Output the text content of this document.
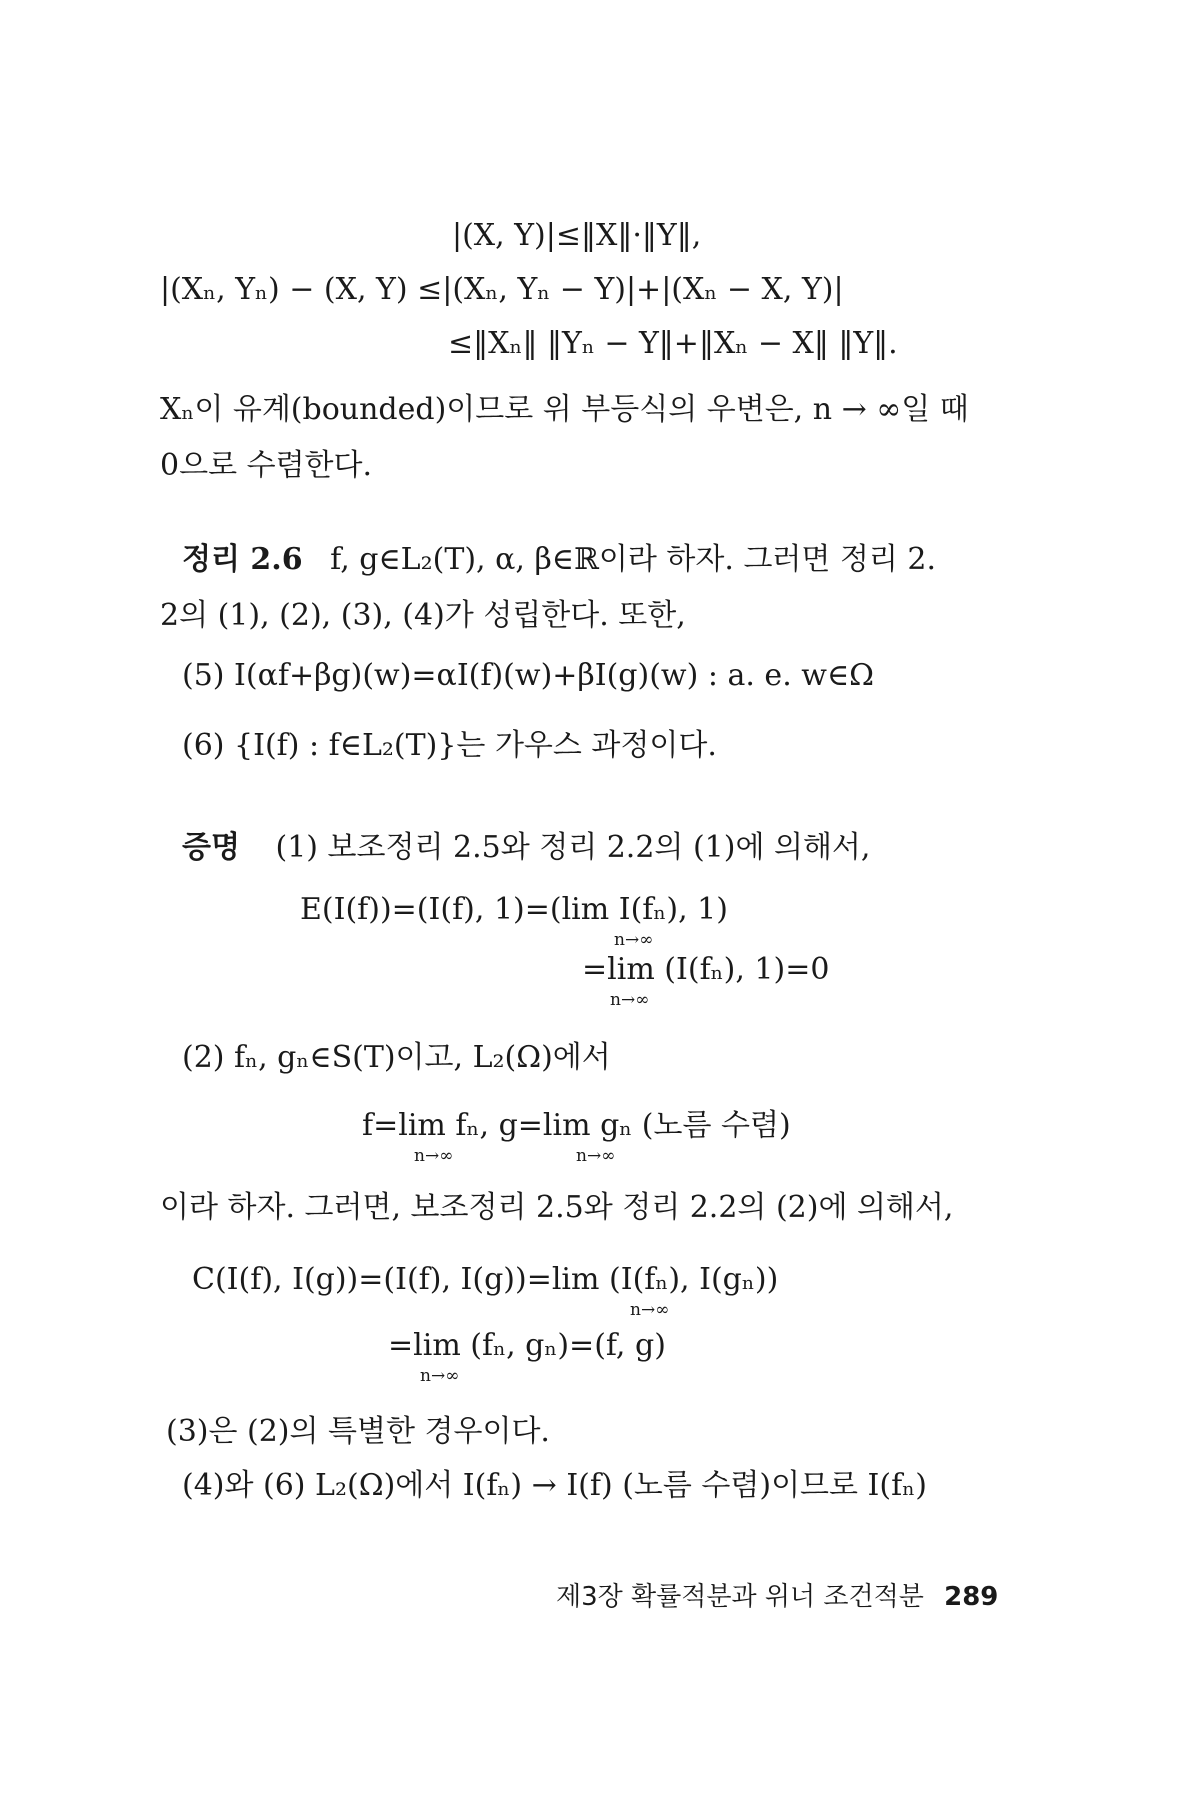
|(X, Y)|≤‖X‖·‖Y‖,
|(Xₙ, Yₙ) − (X, Y) ≤|(Xₙ, Yₙ − Y)|+|(Xₙ − X, Y)|
≤‖Xₙ‖ ‖Yₙ − Y‖+‖Xₙ − X‖ ‖Y‖.
Xₙ이 유계(bounded)이므로 위 부등식의 우변은, n → ∞일 때
0으로 수렴한다.
정리 2.6 f, g∈L₂(T), α, β∈ℝ이라 하자. 그러면 정리 2.
2의 (1), (2), (3), (4)가 성립한다. 또한,
(5) I(αf+βg)(w)=αI(f)(w)+βI(g)(w) : a. e. w∈Ω
(6) {I(f) : f∈L₂(T)}는 가우스 과정이다.
증명 (1) 보조정리 2.5와 정리 2.2의 (1)에 의해서,
E(I(f))=(I(f), 1)=(lim I(fₙ), 1)
n→∞
=lim (I(fₙ), 1)=0
n→∞
(2) fₙ, gₙ∈S(T)이고, L₂(Ω)에서
f=lim fₙ, g=lim gₙ (노름 수렴)
n→∞	n→∞
이라 하자. 그러면, 보조정리 2.5와 정리 2.2의 (2)에 의해서,
C(I(f), I(g))=(I(f), I(g))=lim (I(fₙ), I(gₙ))
n→∞
=lim (fₙ, gₙ)=(f, g)
n→∞
(3)은 (2)의 특별한 경우이다.
(4)와 (6) L₂(Ω)에서 I(fₙ) → I(f) (노름 수렴)이므로 I(fₙ)
제3장 확률적분과 위너 조건적분 289
